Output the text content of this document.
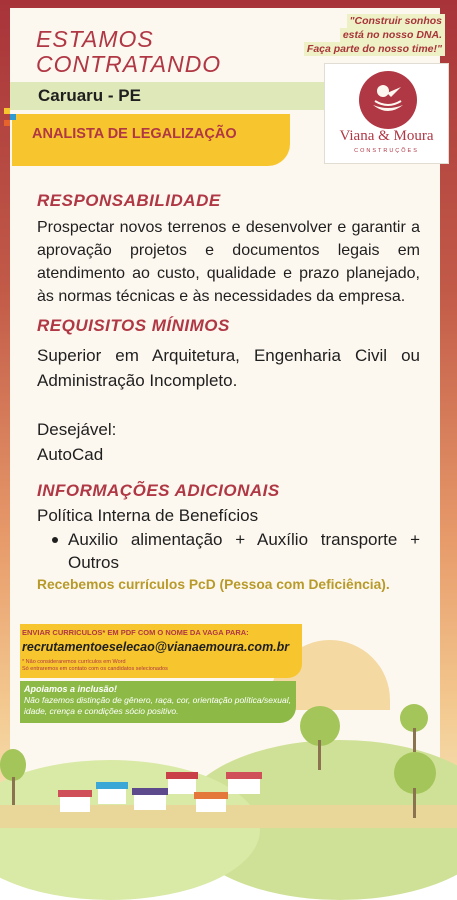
ESTAMOS
CONTRATANDO
"Construir sonhos
está no nosso DNA.
Faça parte do nosso time!"
Caruaru - PE
ANALISTA DE LEGALIZAÇÃO	Viana & Moura
CONSTRUÇÕES
RESPONSABILIDADE
Prospectar novos terrenos e desenvolver e garantir a aprovação projetos e documentos legais em atendimento ao custo, qualidade e prazo planejado, às normas técnicas e às necessidades da empresa.
REQUISITOS MÍNIMOS
Superior em Arquitetura, Engenharia Civil ou Administração Incompleto.
Desejável:
AutoCad
INFORMAÇÕES ADICIONAIS
Política Interna de Benefícios
Auxilio alimentação + Auxílio transporte + Outros
Recebemos currículos PcD (Pessoa com Deficiência).
ENVIAR CURRICULOS* EM PDF COM O NOME DA VAGA PARA:
recrutamentoeselecao@vianaemoura.com.br
* Não consideraremos currículos em Word
Só entraremos em contato com os candidatos selecionados
Apoiamos a inclusão!
Não fazemos distinção de gênero, raça, cor, orientação política/sexual, idade, crença e condições sócio positivo.
